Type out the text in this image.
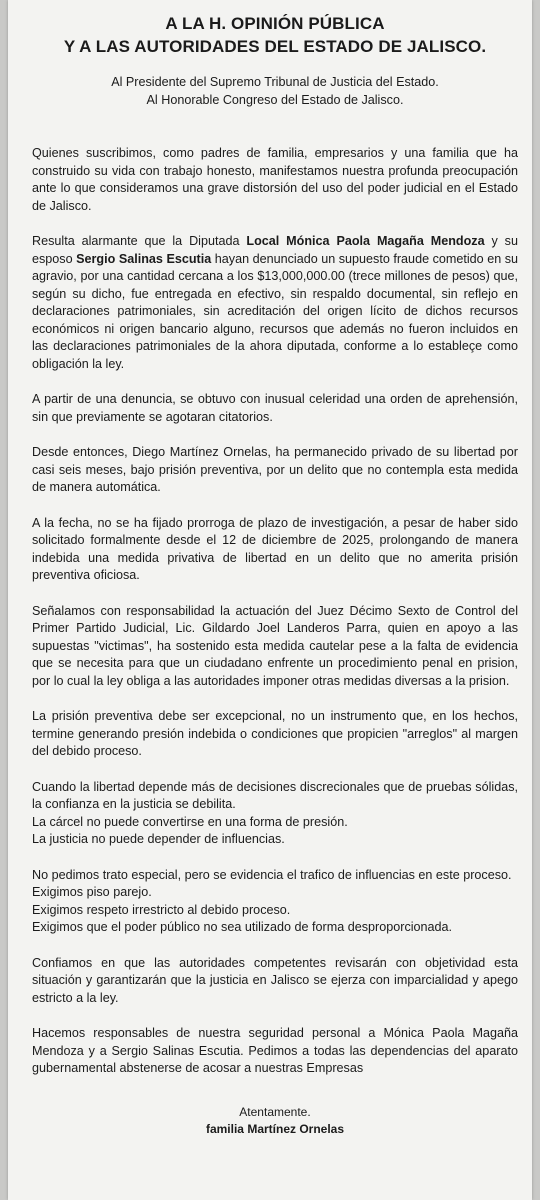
A LA H. OPINIÓN PÚBLICA
Y A LAS AUTORIDADES DEL ESTADO DE JALISCO.
Al Presidente del Supremo Tribunal de Justicia del Estado.
Al Honorable Congreso del Estado de Jalisco.

Quienes suscribimos, como padres de familia, empresarios y una familia que ha construido su vida con trabajo honesto, manifestamos nuestra profunda preocupación ante lo que consideramos una grave distorsión del uso del poder judicial en el Estado de Jalisco.

Resulta alarmante que la Diputada Local Mónica Paola Magaña Mendoza y su esposo Sergio Salinas Escutia hayan denunciado un supuesto fraude cometido en su agravio, por una cantidad cercana a los $13,000,000.00 (trece millones de pesos) que, según su dicho, fue entregada en efectivo, sin respaldo documental, sin reflejo en declaraciones patrimoniales, sin acreditación del origen lícito de dichos recursos económicos ni origen bancario alguno, recursos que además no fueron incluidos en las declaraciones patrimoniales de la ahora diputada, conforme a lo estableçe como obligación la ley.

A partir de una denuncia, se obtuvo con inusual celeridad una orden de aprehensión, sin que previamente se agotaran citatorios.

Desde entonces, Diego Martínez Ornelas, ha permanecido privado de su libertad por casi seis meses, bajo prisión preventiva, por un delito que no contempla esta medida de manera automática.

A la fecha, no se ha fijado prorroga de plazo de investigación, a pesar de haber sido solicitado formalmente desde el 12 de diciembre de 2025, prolongando de manera indebida una medida privativa de libertad en un delito que no amerita prisión preventiva oficiosa.

Señalamos con responsabilidad la actuación del Juez Décimo Sexto de Control del Primer Partido Judicial, Lic. Gildardo Joel Landeros Parra, quien en apoyo a las supuestas "victimas", ha sostenido esta medida cautelar pese a la falta de evidencia que se necesita para que un ciudadano enfrente un procedimiento penal en prision, por lo cual la ley obliga a las autoridades imponer otras medidas diversas a la prision.

La prisión preventiva debe ser excepcional, no un instrumento que, en los hechos, termine generando presión indebida o condiciones que propicien "arreglos" al margen del debido proceso.

Cuando la libertad depende más de decisiones discrecionales que de pruebas sólidas, la confianza en la justicia se debilita.

La cárcel no puede convertirse en una forma de presión.

La justicia no puede depender de influencias.

No pedimos trato especial, pero se evidencia el trafico de influencias en este proceso.

Exigimos piso parejo.

Exigimos respeto irrestricto al debido proceso.

Exigimos que el poder público no sea utilizado de forma desproporcionada.

Confiamos en que las autoridades competentes revisarán con objetividad esta situación y garantizarán que la justicia en Jalisco se ejerza con imparcialidad y apego estricto a la ley.

Hacemos responsables de nuestra seguridad personal a Mónica Paola Magaña Mendoza y a Sergio Salinas Escutia. Pedimos a todas las dependencias del aparato gubernamental abstenerse de acosar a nuestras Empresas

Atentamente.
familia Martínez Ornelas
